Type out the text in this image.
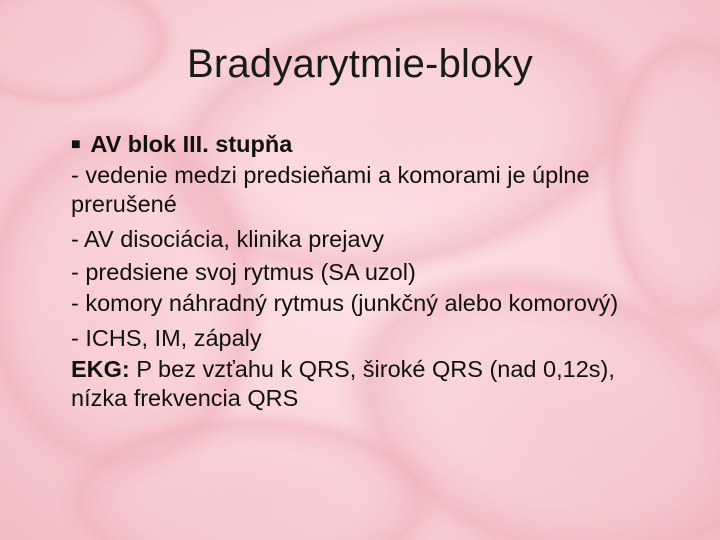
Bradyarytmie-bloky
■ AV blok III. stupňa
- vedenie medzi predsieňami a komorami je úplne prerušené
- AV disociácia, klinika prejavy
- predsiene svoj rytmus (SA uzol)
- komory náhradný rytmus (junkčný alebo komorový)
- ICHS, IM, zápaly
EKG: P bez vzťahu k QRS, široké QRS (nad 0,12s), nízka frekvencia QRS
